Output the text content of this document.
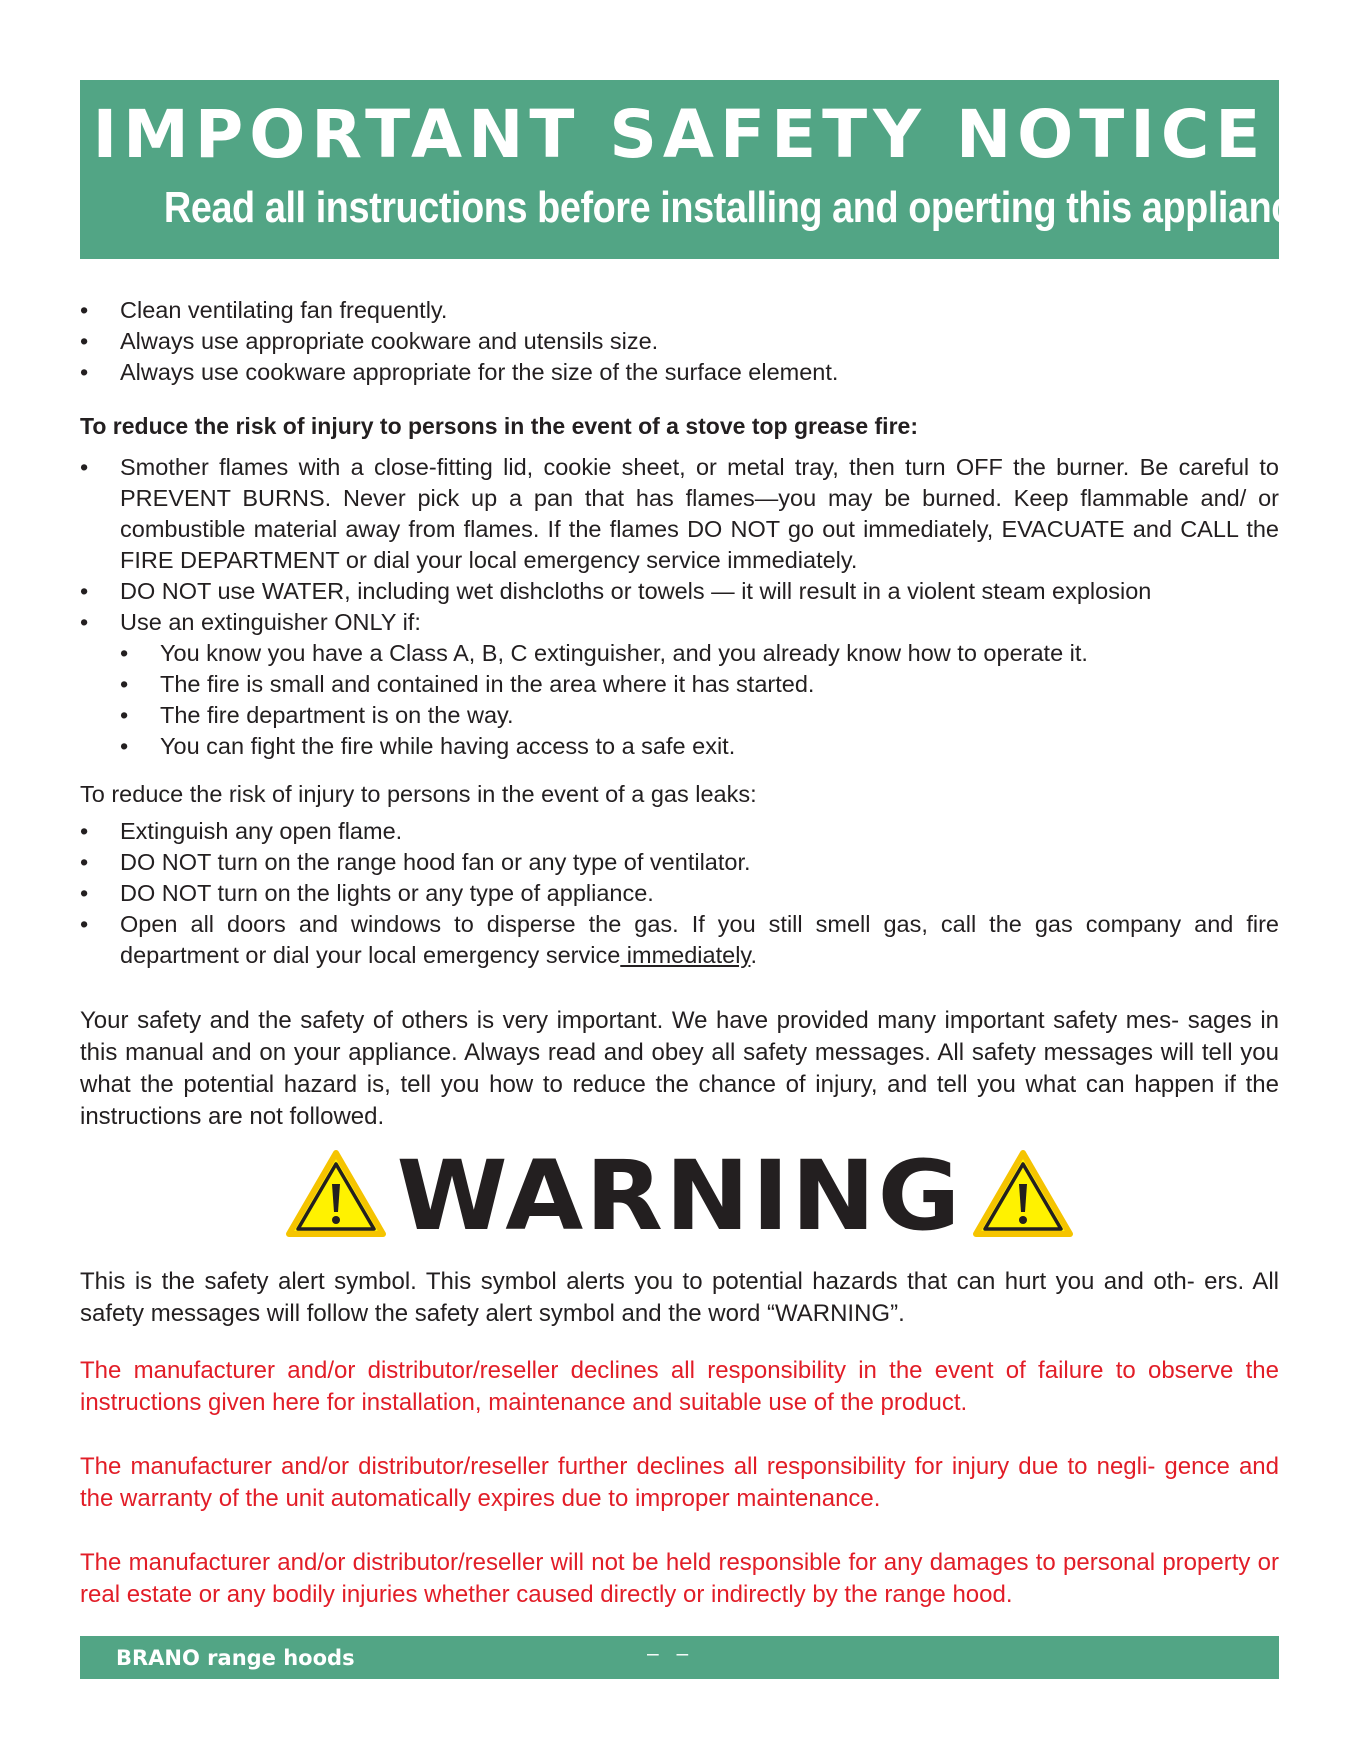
IMPORTANT SAFETY NOTICE
Read all instructions before installing and operting this appliance
• Clean ventilating fan frequently.
• Always use appropriate cookware and utensils size.
• Always use cookware appropriate for the size of the surface element.
To reduce the risk of injury to persons in the event of a stove top grease fire:
• Smother flames with a close-fitting lid, cookie sheet, or metal tray, then turn OFF the burner. Be careful to PREVENT BURNS. Never pick up a pan that has flames—you may be burned. Keep flammable and/ or combustible material away from flames. If the flames DO NOT go out immediately, EVACUATE and CALL the FIRE DEPARTMENT or dial your local emergency service immediately.
• DO NOT use WATER, including wet dishcloths or towels — it will result in a violent steam explosion
• Use an extinguisher ONLY if:
• You know you have a Class A, B, C extinguisher, and you already know how to operate it.
• The fire is small and contained in the area where it has started.
• The fire department is on the way.
• You can fight the fire while having access to a safe exit.
To reduce the risk of injury to persons in the event of a gas leaks:
• Extinguish any open flame.
• DO NOT turn on the range hood fan or any type of ventilator.
• DO NOT turn on the lights or any type of appliance.
• Open all doors and windows to disperse the gas. If you still smell gas, call the gas company and fire department or dial your local emergency service immediately.
Your safety and the safety of others is very important. We have provided many important safety mes- sages in this manual and on your appliance. Always read and obey all safety messages. All safety messages will tell you what the potential hazard is, tell you how to reduce the chance of injury, and tell you what can happen if the instructions are not followed.
WARNING
This is the safety alert symbol. This symbol alerts you to potential hazards that can hurt you and oth- ers. All safety messages will follow the safety alert symbol and the word “WARNING”.
The manufacturer and/or distributor/reseller declines all responsibility in the event of failure to observe the instructions given here for installation, maintenance and suitable use of the product.
The manufacturer and/or distributor/reseller further declines all responsibility for injury due to negli- gence and the warranty of the unit automatically expires due to improper maintenance.
The manufacturer and/or distributor/reseller will not be held responsible for any damages to personal property or real estate or any bodily injuries whether caused directly or indirectly by the range hood.
BRANO range hoods	– –
